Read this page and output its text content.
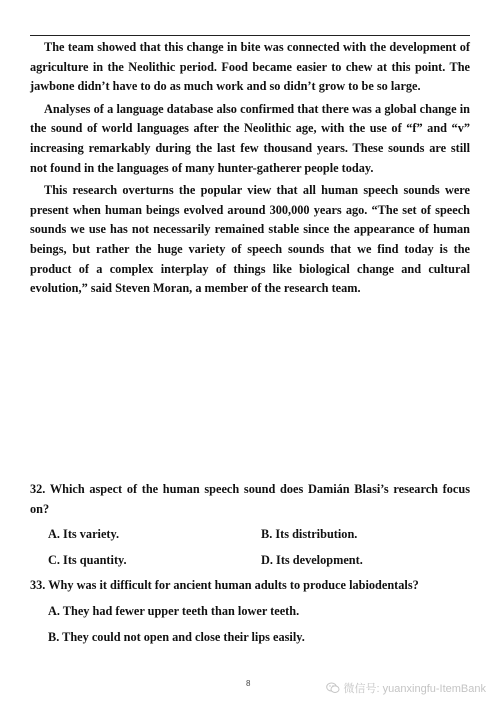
The team showed that this change in bite was connected with the development of agriculture in the Neolithic period. Food became easier to chew at this point. The jawbone didn’t have to do as much work and so didn’t grow to be so large.

Analyses of a language database also confirmed that there was a global change in the sound of world languages after the Neolithic age, with the use of “f” and “v” increasing remarkably during the last few thousand years. These sounds are still not found in the languages of many hunter-gatherer people today.

This research overturns the popular view that all human speech sounds were present when human beings evolved around 300,000 years ago. “The set of speech sounds we use has not necessarily remained stable since the appearance of human beings, but rather the huge variety of speech sounds that we find today is the product of a complex interplay of things like biological change and cultural evolution,” said Steven Moran, a member of the research team.

32. Which aspect of the human speech sound does Damián Blasi’s research focus on?

A. Its variety.	B. Its distribution.
C. Its quantity.	D. Its development.

33. Why was it difficult for ancient human adults to produce labiodentals?

A. They had fewer upper teeth than lower teeth.

B. They could not open and close their lips easily.

8	微信号: yuanxingfu-ItemBank
